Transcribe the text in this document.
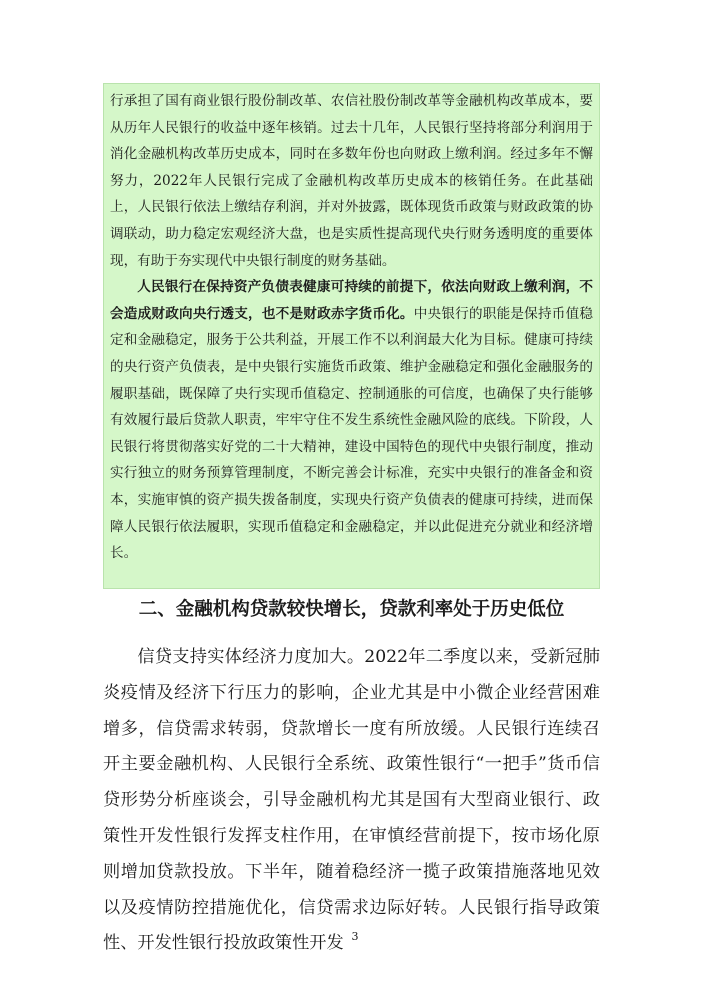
行承担了国有商业银行股份制改革、农信社股份制改革等金融机构改革成本，要从历年人民银行的收益中逐年核销。过去十几年，人民银行坚持将部分利润用于消化金融机构改革历史成本，同时在多数年份也向财政上缴利润。经过多年不懈努力，2022年人民银行完成了金融机构改革历史成本的核销任务。在此基础上，人民银行依法上缴结存利润，并对外披露，既体现货币政策与财政政策的协调联动，助力稳定宏观经济大盘，也是实质性提高现代央行财务透明度的重要体现，有助于夯实现代中央银行制度的财务基础。

人民银行在保持资产负债表健康可持续的前提下，依法向财政上缴利润，不会造成财政向央行透支，也不是财政赤字货币化。中央银行的职能是保持币值稳定和金融稳定，服务于公共利益，开展工作不以利润最大化为目标。健康可持续的央行资产负债表，是中央银行实施货币政策、维护金融稳定和强化金融服务的履职基础，既保障了央行实现币值稳定、控制通胀的可信度，也确保了央行能够有效履行最后贷款人职责，牢牢守住不发生系统性金融风险的底线。下阶段，人民银行将贯彻落实好党的二十大精神，建设中国特色的现代中央银行制度，推动实行独立的财务预算管理制度，不断完善会计标准，充实中央银行的准备金和资本，实施审慎的资产损失拨备制度，实现央行资产负债表的健康可持续，进而保障人民银行依法履职，实现币值稳定和金融稳定，并以此促进充分就业和经济增长。

二、金融机构贷款较快增长，贷款利率处于历史低位

信贷支持实体经济力度加大。2022年二季度以来，受新冠肺炎疫情及经济下行压力的影响，企业尤其是中小微企业经营困难增多，信贷需求转弱，贷款增长一度有所放缓。人民银行连续召开主要金融机构、人民银行全系统、政策性银行“一把手”货币信贷形势分析座谈会，引导金融机构尤其是国有大型商业银行、政策性开发性银行发挥支柱作用，在审慎经营前提下，按市场化原则增加贷款投放。下半年，随着稳经济一揽子政策措施落地见效以及疫情防控措施优化，信贷需求边际好转。人民银行指导政策性、开发性银行投放政策性开发 3
